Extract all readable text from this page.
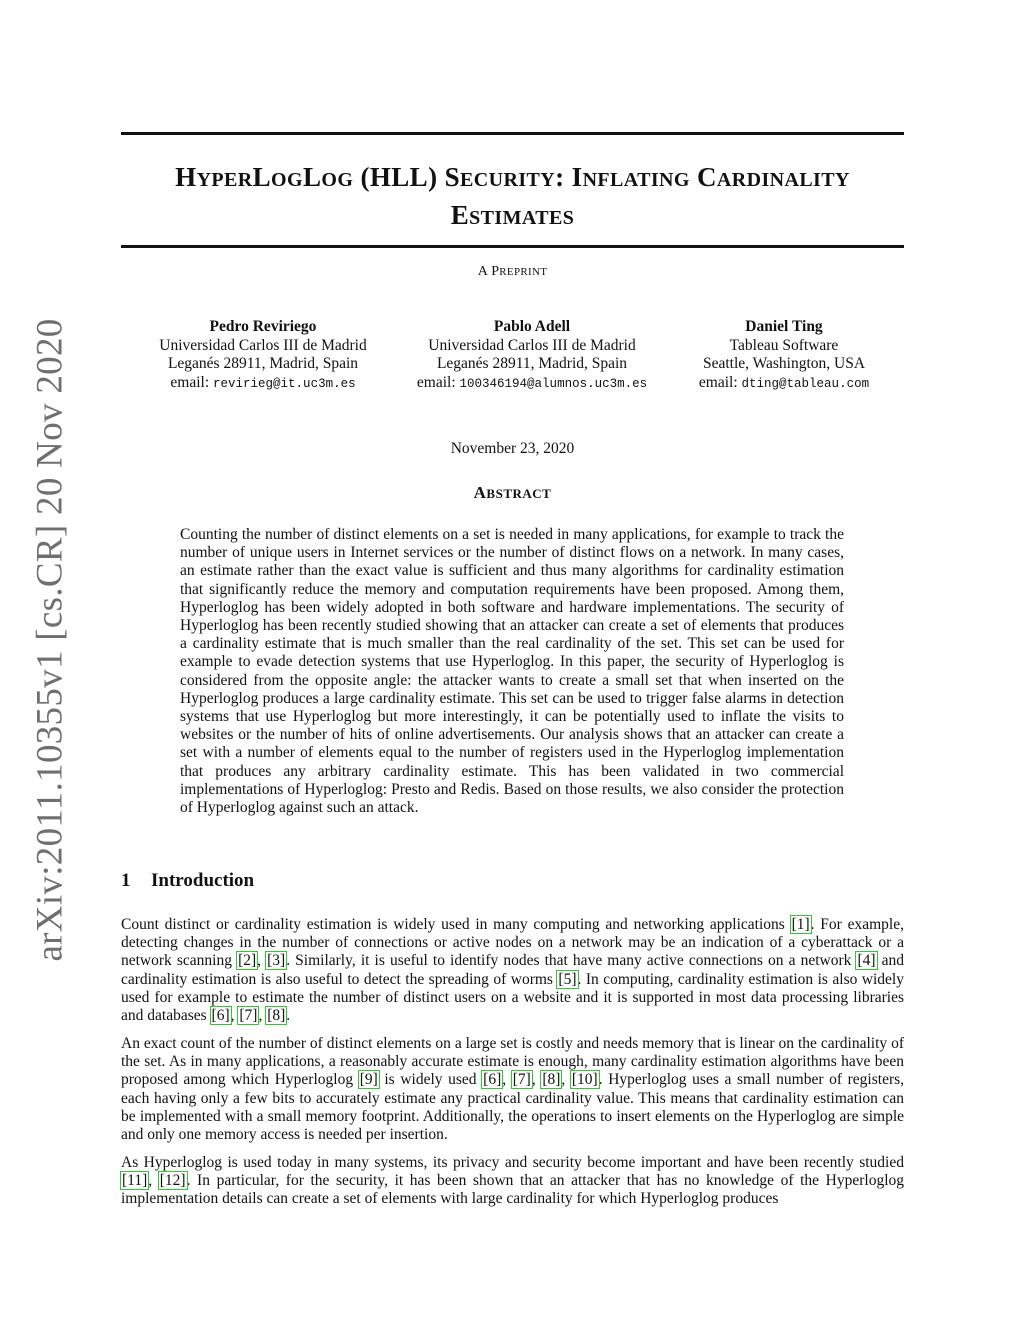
arXiv:2011.10355v1 [cs.CR] 20 Nov 2020
HYPERLOGLOG (HLL) SECURITY: INFLATING CARDINALITY
ESTIMATES
A PREPRINT
Pedro Reviriego
Universidad Carlos III de Madrid
Leganés 28911, Madrid, Spain
email: revirieg@it.uc3m.es
Pablo Adell
Universidad Carlos III de Madrid
Leganés 28911, Madrid, Spain
email: 100346194@alumnos.uc3m.es
Daniel Ting
Tableau Software
Seattle, Washington, USA
email: dting@tableau.com
November 23, 2020
ABSTRACT

Counting the number of distinct elements on a set is needed in many applications, for example to track the number of unique users in Internet services or the number of distinct flows on a network. In many cases, an estimate rather than the exact value is sufficient and thus many algorithms for cardinality estimation that significantly reduce the memory and computation requirements have been proposed. Among them, Hyperloglog has been widely adopted in both software and hardware implementations. The security of Hyperloglog has been recently studied showing that an attacker can create a set of elements that produces a cardinality estimate that is much smaller than the real cardinality of the set. This set can be used for example to evade detection systems that use Hyperloglog. In this paper, the security of Hyperloglog is considered from the opposite angle: the attacker wants to create a small set that when inserted on the Hyperloglog produces a large cardinality estimate. This set can be used to trigger false alarms in detection systems that use Hyperloglog but more interestingly, it can be potentially used to inflate the visits to websites or the number of hits of online advertisements. Our analysis shows that an attacker can create a set with a number of elements equal to the number of registers used in the Hyperloglog implementation that produces any arbitrary cardinality estimate. This has been validated in two commercial implementations of Hyperloglog: Presto and Redis. Based on those results, we also consider the protection of Hyperloglog against such an attack.

1 Introduction

Count distinct or cardinality estimation is widely used in many computing and networking applications [1]. For example, detecting changes in the number of connections or active nodes on a network may be an indication of a cyberattack or a network scanning [2], [3]. Similarly, it is useful to identify nodes that have many active connections on a network [4] and cardinality estimation is also useful to detect the spreading of worms [5]. In computing, cardinality estimation is also widely used for example to estimate the number of distinct users on a website and it is supported in most data processing libraries and databases [6], [7], [8].

An exact count of the number of distinct elements on a large set is costly and needs memory that is linear on the cardinality of the set. As in many applications, a reasonably accurate estimate is enough, many cardinality estimation algorithms have been proposed among which Hyperloglog [9] is widely used [6], [7], [8], [10]. Hyperloglog uses a small number of registers, each having only a few bits to accurately estimate any practical cardinality value. This means that cardinality estimation can be implemented with a small memory footprint. Additionally, the operations to insert elements on the Hyperloglog are simple and only one memory access is needed per insertion.

As Hyperloglog is used today in many systems, its privacy and security become important and have been recently studied [11], [12]. In particular, for the security, it has been shown that an attacker that has no knowledge of the Hyperloglog implementation details can create a set of elements with large cardinality for which Hyperloglog produces
